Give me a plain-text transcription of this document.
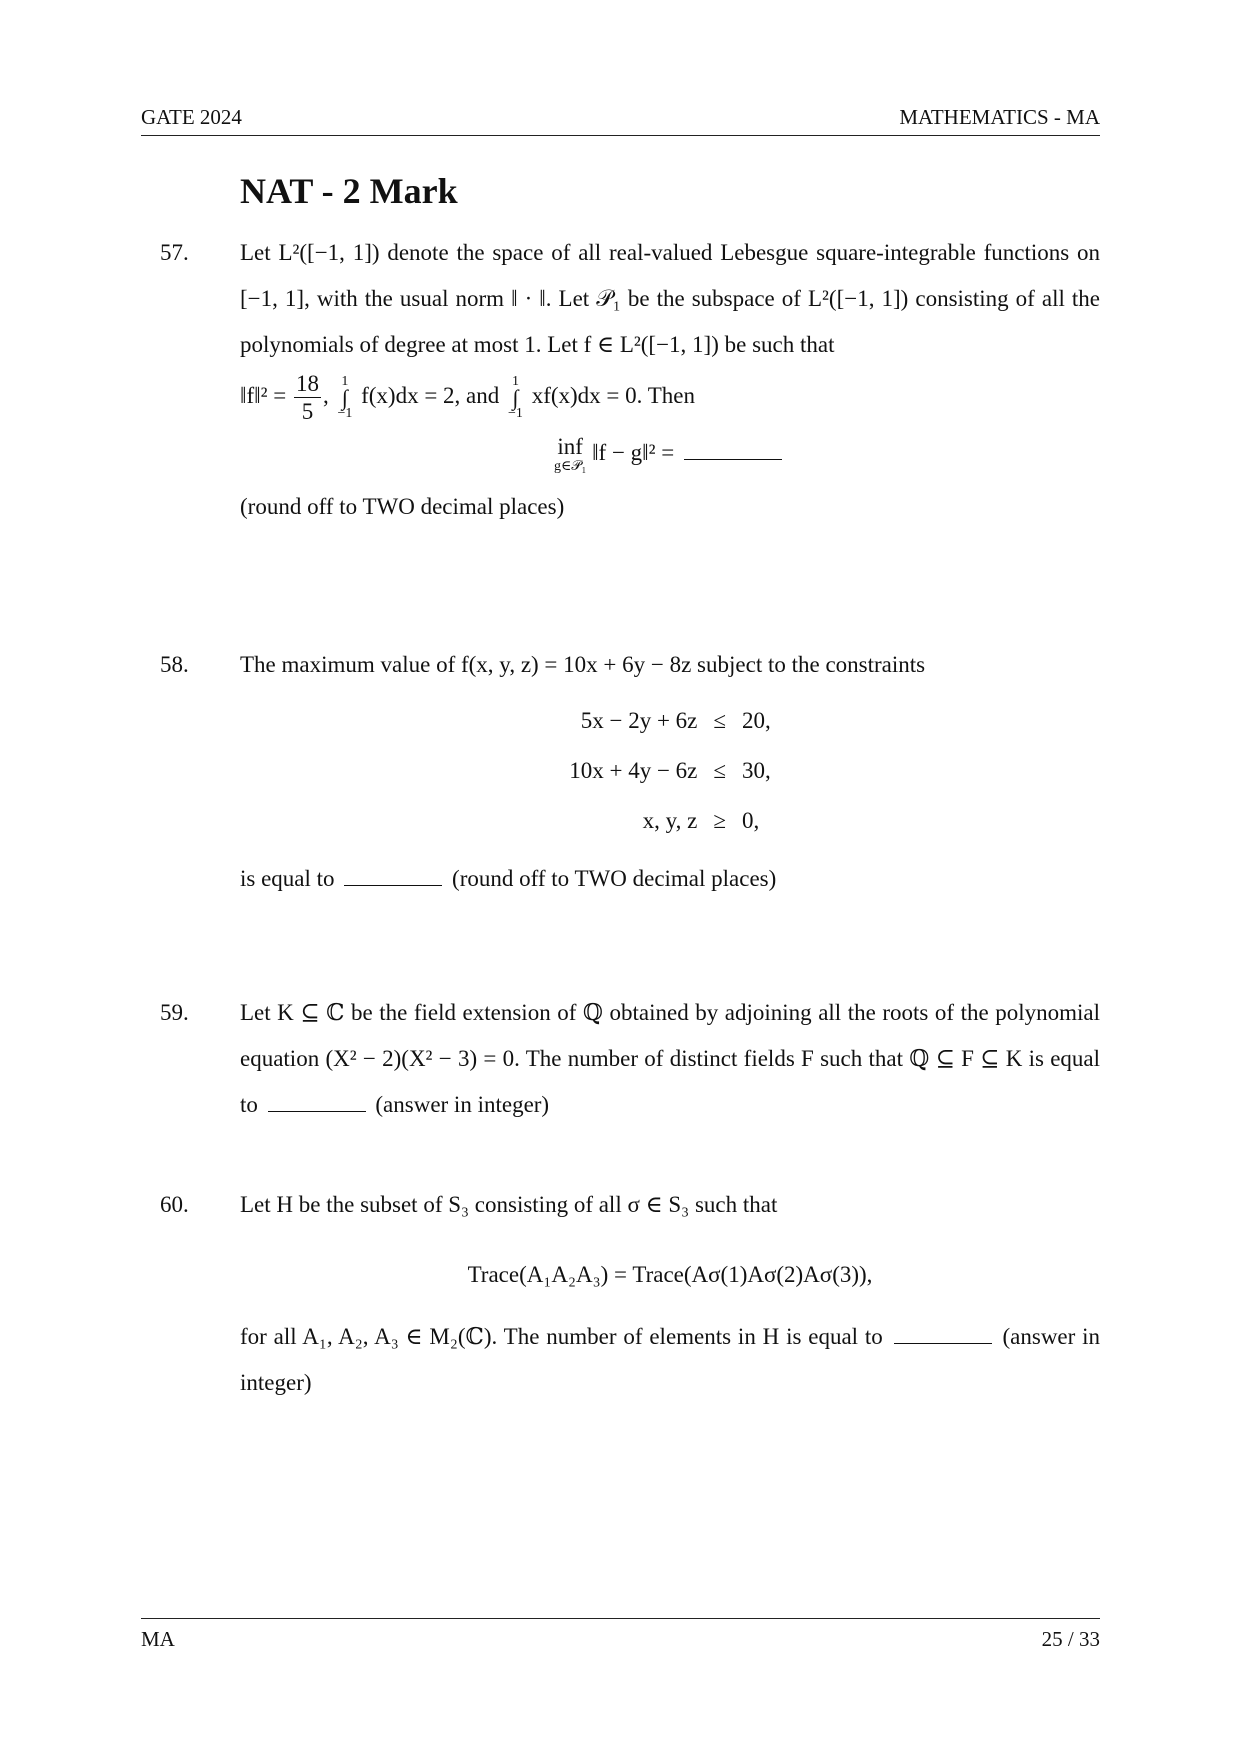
GATE 2024	MATHEMATICS - MA
NAT - 2 Mark
57. Let L²([−1, 1]) denote the space of all real-valued Lebesgue square-integrable functions on [−1, 1], with the usual norm ‖ · ‖. Let 𝒫₁ be the subspace of L²([−1, 1]) consisting of all the polynomials of degree at most 1. Let f ∈ L²([−1, 1]) be such that
‖f‖² = $\frac{18}{5}$ , 1
∫
−1 f(x)dx = 2, and 1
∫
−1 xf(x)dx = 0. Then
inf
g∈𝒫₁
‖f − g‖² =
(round off to TWO decimal places)
58. The maximum value of f(x, y, z) = 10x + 6y − 8z subject to the constraints
5x − 2y + 6z	≤	20,
10x + 4y − 6z	≤	30,
x, y, z	≥	0,
is equal to	(round off to TWO decimal places)
59. Let K ⊆ ℂ be the field extension of ℚ obtained by adjoining all the roots of the polynomial equation (X² − 2)(X² − 3) = 0. The number of distinct fields F such that ℚ ⊆ F ⊆ K is equal to	(answer in integer)
60. Let H be the subset of S₃ consisting of all σ ∈ S₃ such that
Trace(A₁A₂A₃) = Trace(Aσ(1)Aσ(2)Aσ(3)),
for all A₁, A₂, A₃ ∈ M₂(ℂ). The number of elements in H is equal to	(answer in integer)
MA	25 / 33
